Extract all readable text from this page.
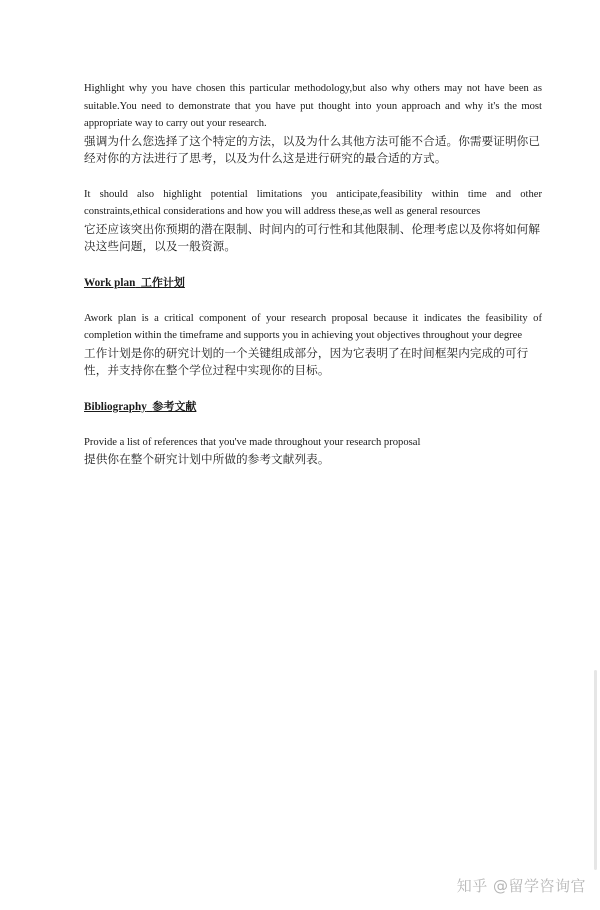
Highlight why you have chosen this particular methodology,but also why others may not have been as suitable.You need to demonstrate that you have put thought into youn approach and why it's the most appropriate way to carry out your research.

强调为什么您选择了这个特定的方法，以及为什么其他方法可能不合适。你需要证明你已经对你的方法进行了思考，以及为什么这是进行研究的最合适的方式。

It should also highlight potential limitations you anticipate,feasibility within time and other constraints,ethical considerations and how you will address these,as well as general resources

它还应该突出你预期的潜在限制、时间内的可行性和其他限制、伦理考虑以及你将如何解决这些问题，以及一般资源。

Work plan 工作计划

Awork plan is a critical component of your research proposal because it indicates the feasibility of completion within the timeframe and supports you in achieving yout objectives throughout your degree

工作计划是你的研究计划的一个关键组成部分，因为它表明了在时间框架内完成的可行性，并支持你在整个学位过程中实现你的目标。

Bibliography 参考文献

Provide a list of references that you've made throughout your research proposal

提供你在整个研究计划中所做的参考文献列表。

知乎 @留学咨询官
